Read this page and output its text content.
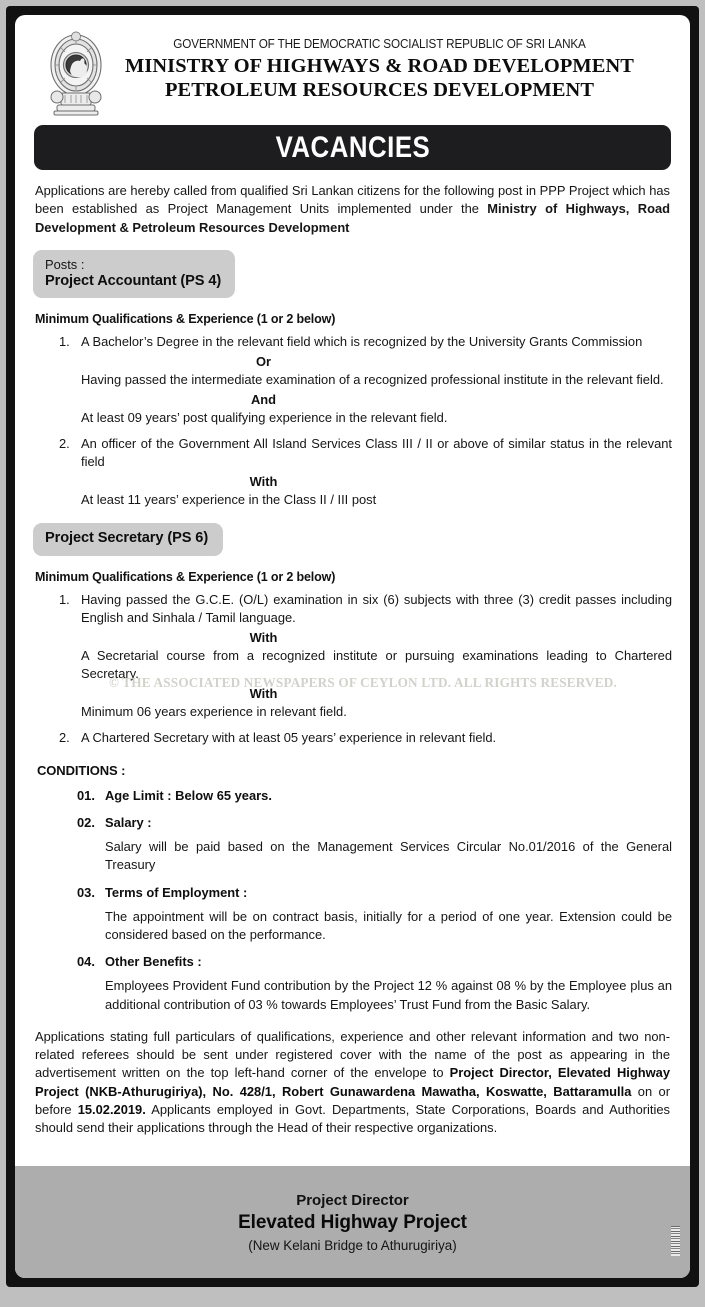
GOVERNMENT OF THE DEMOCRATIC SOCIALIST REPUBLIC OF SRI LANKA
MINISTRY OF HIGHWAYS & ROAD DEVELOPMENT
PETROLEUM RESOURCES DEVELOPMENT
VACANCIES
Applications are hereby called from qualified Sri Lankan citizens for the following post in PPP Project which has been established as Project Management Units implemented under the Ministry of Highways, Road Development & Petroleum Resources Development
Posts :
Project Accountant (PS 4)
Minimum Qualifications & Experience (1 or 2 below)
1. A Bachelor’s Degree in the relevant field which is recognized by the University Grants Commission
Or
Having passed the intermediate examination of a recognized professional institute in the relevant field.
And
At least 09 years’ post qualifying experience in the relevant field.
2. An officer of the Government All Island Services Class III / II or above of similar status in the relevant field
With
At least 11 years’ experience in the Class II / III post
Project Secretary (PS 6)
Minimum Qualifications & Experience (1 or 2 below)
1. Having passed the G.C.E. (O/L) examination in six (6) subjects with three (3) credit passes including English and Sinhala / Tamil language.
With
A Secretarial course from a recognized institute or pursuing examinations leading to Chartered Secretary.
With
Minimum 06 years experience in relevant field.
2. A Chartered Secretary with at least 05 years’ experience in relevant field.
CONDITIONS :
01. Age Limit : Below 65 years.
02. Salary :
Salary will be paid based on the Management Services Circular No.01/2016 of the General Treasury
03. Terms of Employment :
The appointment will be on contract basis, initially for a period of one year. Extension could be considered based on the performance.
04. Other Benefits :
Employees Provident Fund contribution by the Project 12 % against 08 % by the Employee plus an additional contribution of 03 % towards Employees’ Trust Fund from the Basic Salary.
Applications stating full particulars of qualifications, experience and other relevant information and two non-related referees should be sent under registered cover with the name of the post as appearing in the advertisement written on the top left-hand corner of the envelope to Project Director, Elevated Highway Project (NKB-Athurugiriya), No. 428/1, Robert Gunawardena Mawatha, Koswatte, Battaramulla on or before 15.02.2019. Applicants employed in Govt. Departments, State Corporations, Boards and Authorities should send their applications through the Head of their respective organizations.
© THE ASSOCIATED NEWSPAPERS OF CEYLON LTD. ALL RIGHTS RESERVED.
Project Director
Elevated Highway Project
(New Kelani Bridge to Athurugiriya)
